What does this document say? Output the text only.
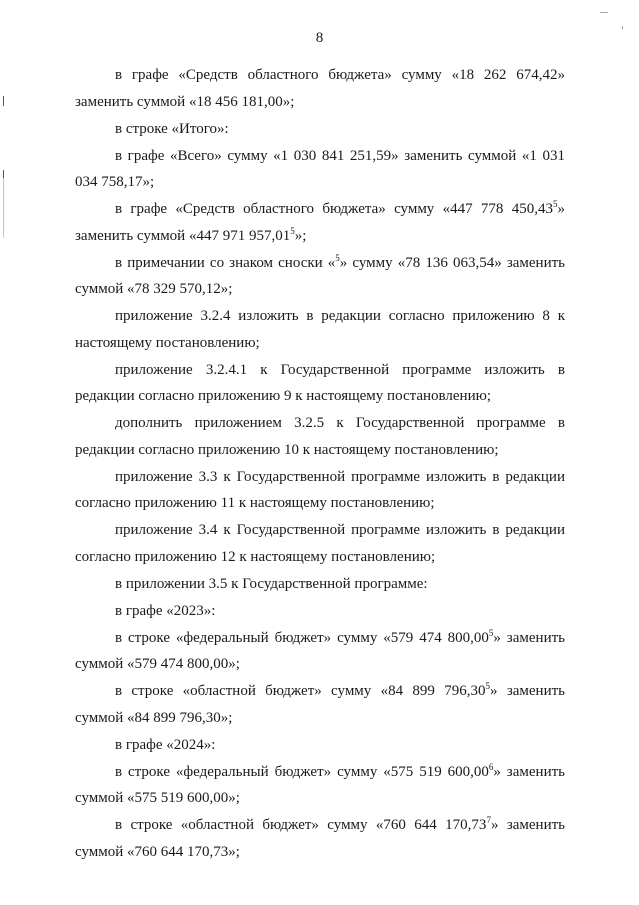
8

в графе «Средств областного бюджета» сумму «18 262 674,42» заменить суммой «18 456 181,00»;

в строке «Итого»:

в графе «Всего» сумму «1 030 841 251,59» заменить суммой «1 031 034 758,17»;

в графе «Средств областного бюджета» сумму «447 778 450,43$^5$» заменить суммой «447 971 957,01$^5$»;

в примечании со знаком сноски «$^5$» сумму «78 136 063,54» заменить суммой «78 329 570,12»;

приложение 3.2.4 изложить в редакции согласно приложению 8 к настоящему постановлению;

приложение 3.2.4.1 к Государственной программе изложить в редакции согласно приложению 9 к настоящему постановлению;

дополнить приложением 3.2.5 к Государственной программе в редакции согласно приложению 10 к настоящему постановлению;

приложение 3.3 к Государственной программе изложить в редакции согласно приложению 11 к настоящему постановлению;

приложение 3.4 к Государственной программе изложить в редакции согласно приложению 12 к настоящему постановлению;

в приложении 3.5 к Государственной программе:

в графе «2023»:

в строке «федеральный бюджет» сумму «579 474 800,00$^5$» заменить суммой «579 474 800,00»;

в строке «областной бюджет» сумму «84 899 796,30$^5$» заменить суммой «84 899 796,30»;

в графе «2024»:

в строке «федеральный бюджет» сумму «575 519 600,00$^6$» заменить суммой «575 519 600,00»;

в строке «областной бюджет» сумму «760 644 170,73$^7$» заменить суммой «760 644 170,73»;
